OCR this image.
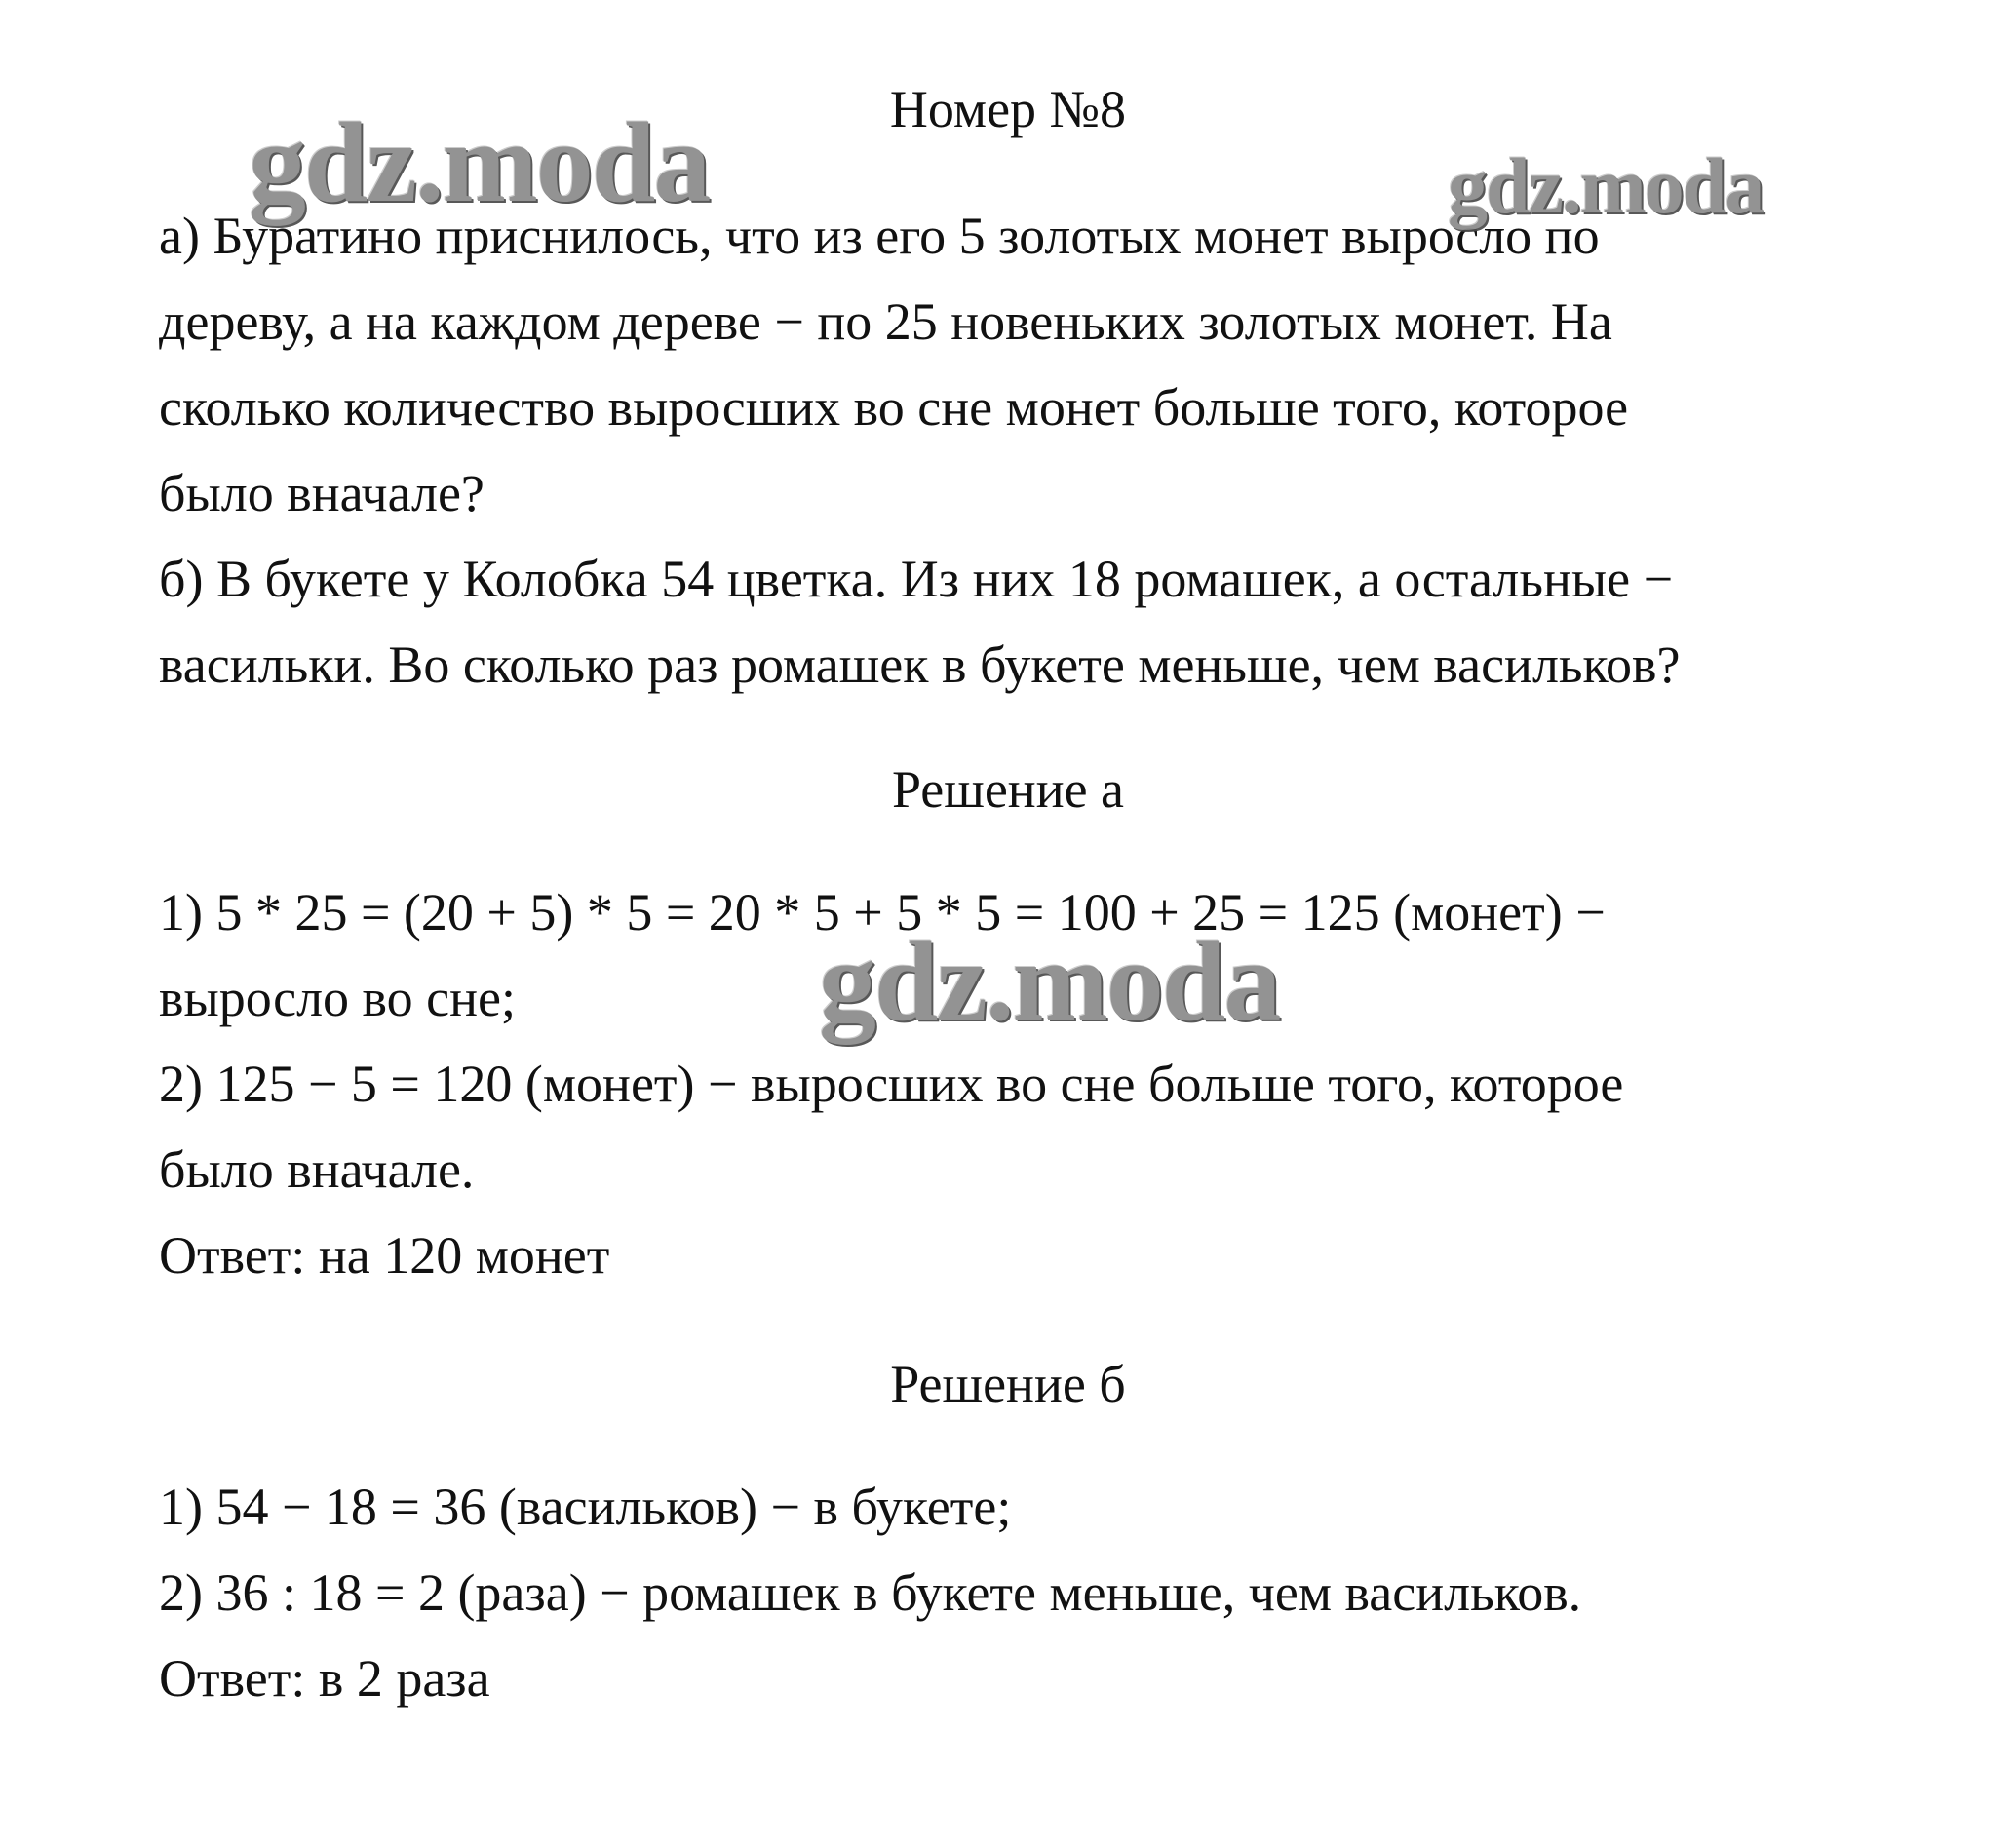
Номер №8

а) Буратино приснилось, что из его 5 золотых монет выросло по

дереву, а на каждом дереве − по 25 новеньких золотых монет. На

сколько количество выросших во сне монет больше того, которое

было вначале?

б) В букете у Колобка 54 цветка. Из них 18 ромашек, а остальные −

васильки. Во сколько раз ромашек в букете меньше, чем васильков?

Решение а

1) 5 * 25 = (20 + 5) * 5 = 20 * 5 + 5 * 5 = 100 + 25 = 125 (монет) −

выросло во сне;

2) 125 − 5 = 120 (монет) − выросших во сне больше того, которое

было вначале.

Ответ: на 120 монет

Решение б

1) 54 − 18 = 36 (васильков) − в букете;

2) 36 : 18 = 2 (раза) − ромашек в букете меньше, чем васильков.

Ответ: в 2 раза

gdz.moda	gdz.moda
gdz.moda
